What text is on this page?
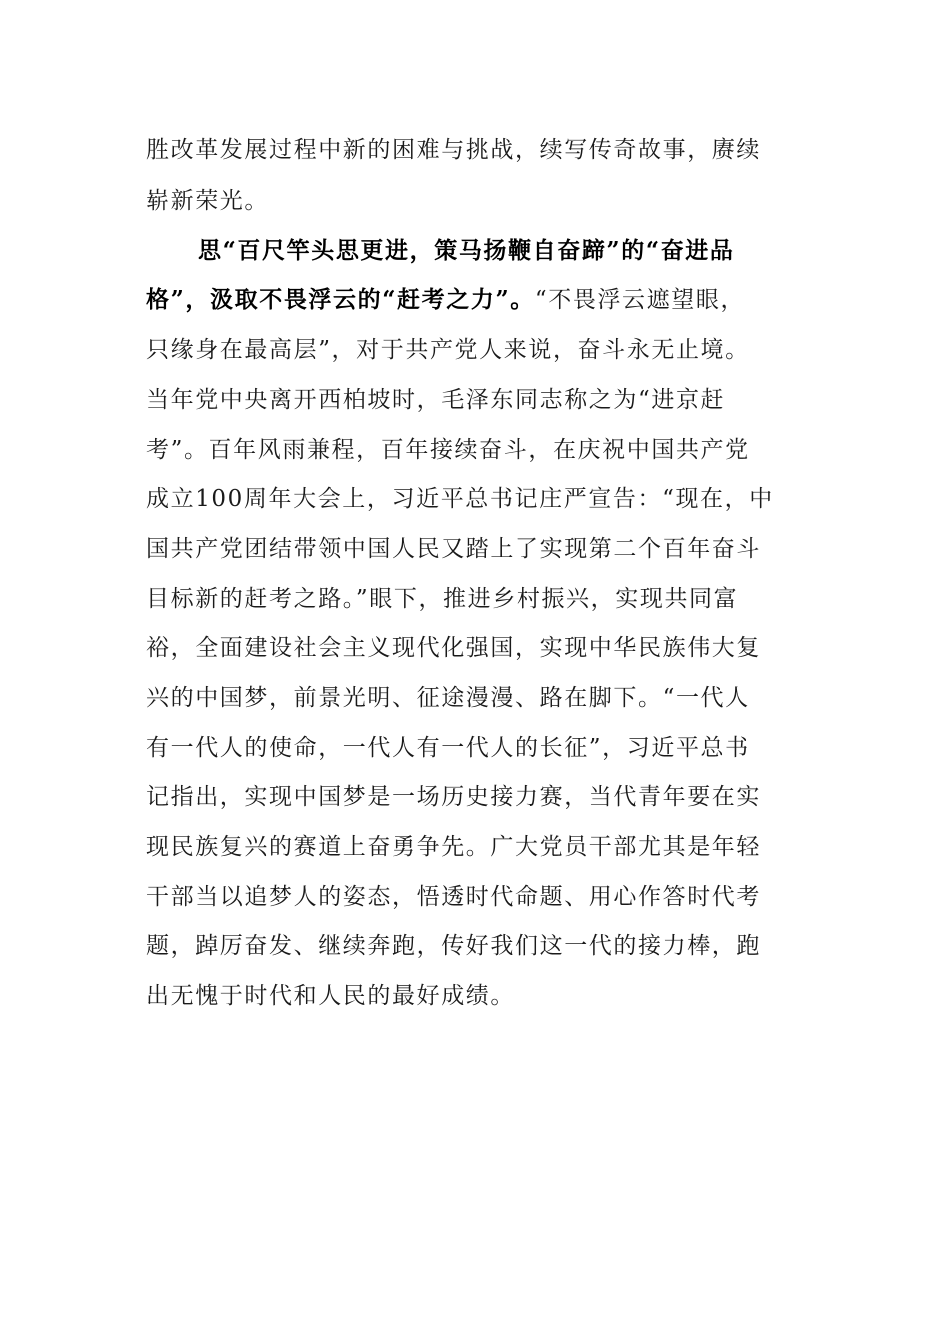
胜改革发展过程中新的困难与挑战，续写传奇故事，赓续
崭新荣光。
思“百尺竿头思更进，策马扬鞭自奋蹄”的“奋进品
格”，汲取不畏浮云的“赶考之力”。“不畏浮云遮望眼，
只缘身在最高层”，对于共产党人来说，奋斗永无止境。
当年党中央离开西柏坡时，毛泽东同志称之为“进京赶
考”。百年风雨兼程，百年接续奋斗，在庆祝中国共产党
成立100周年大会上，习近平总书记庄严宣告：“现在，中
国共产党团结带领中国人民又踏上了实现第二个百年奋斗
目标新的赶考之路。”眼下，推进乡村振兴，实现共同富
裕，全面建设社会主义现代化强国，实现中华民族伟大复
兴的中国梦，前景光明、征途漫漫、路在脚下。“一代人
有一代人的使命，一代人有一代人的长征”，习近平总书
记指出，实现中国梦是一场历史接力赛，当代青年要在实
现民族复兴的赛道上奋勇争先。广大党员干部尤其是年轻
干部当以追梦人的姿态，悟透时代命题、用心作答时代考
题，踔厉奋发、继续奔跑，传好我们这一代的接力棒，跑
出无愧于时代和人民的最好成绩。
